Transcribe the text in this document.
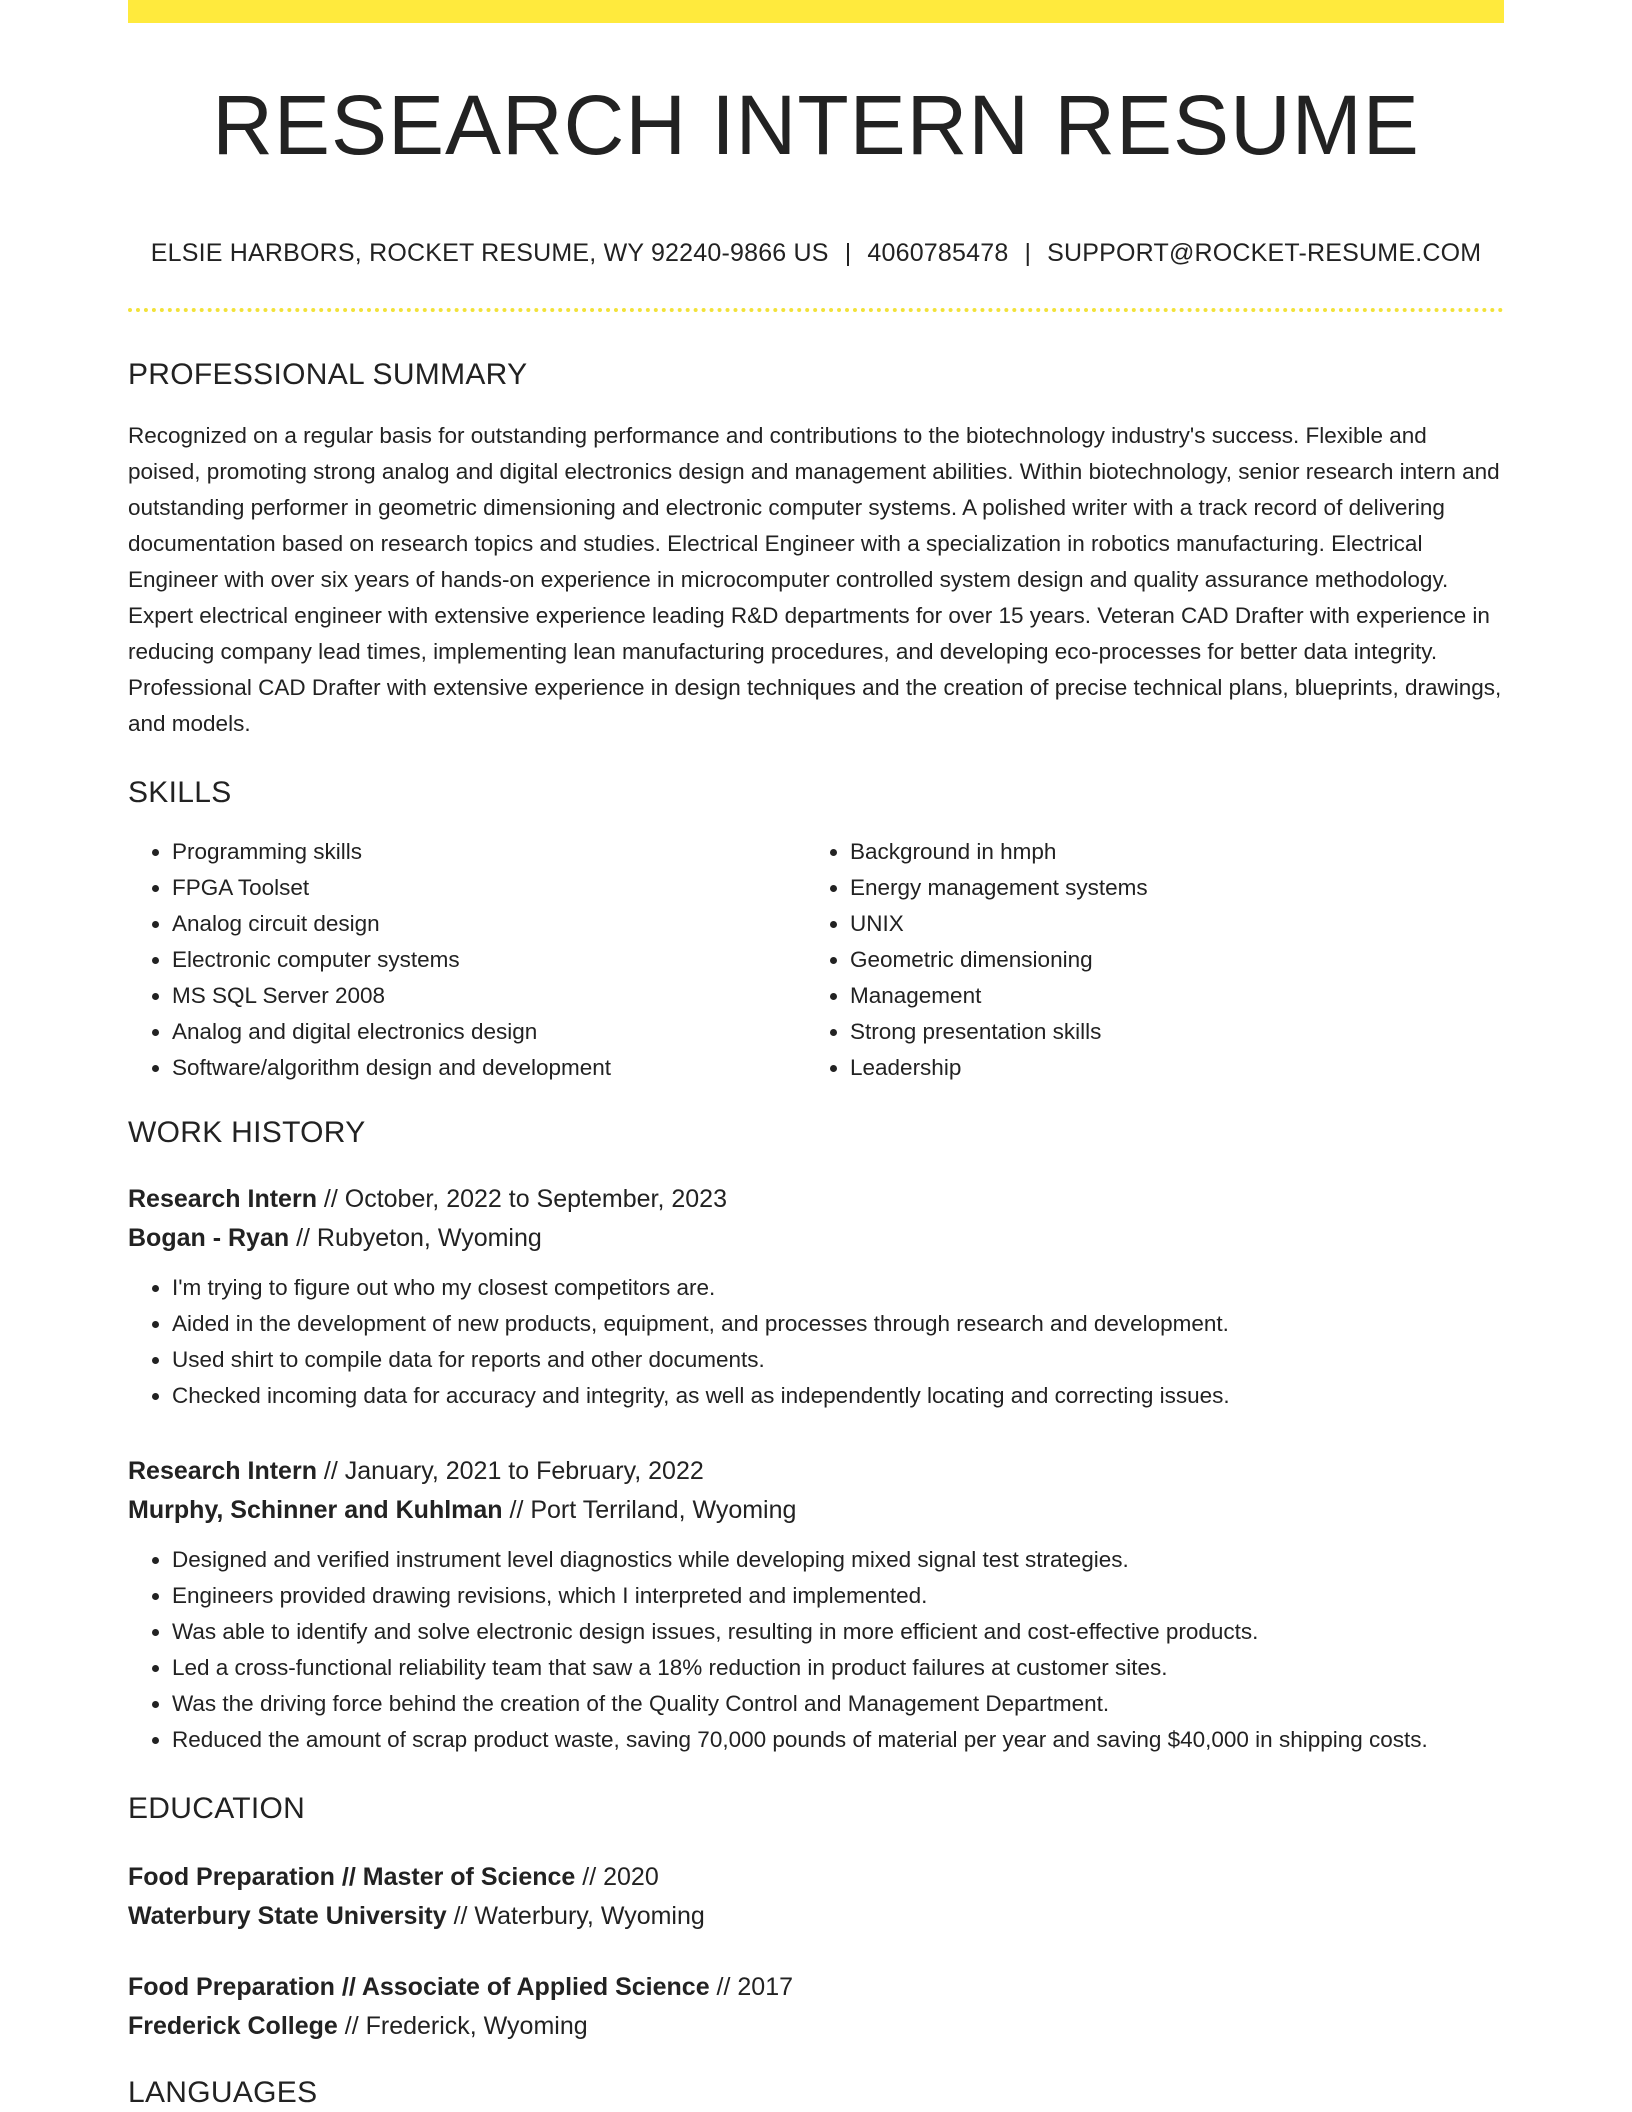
RESEARCH INTERN RESUME
ELSIE HARBORS, ROCKET RESUME, WY 92240-9866 US | 4060785478 | SUPPORT@ROCKET-RESUME.COM
PROFESSIONAL SUMMARY
Recognized on a regular basis for outstanding performance and contributions to the biotechnology industry's success. Flexible and poised, promoting strong analog and digital electronics design and management abilities. Within biotechnology, senior research intern and outstanding performer in geometric dimensioning and electronic computer systems. A polished writer with a track record of delivering documentation based on research topics and studies. Electrical Engineer with a specialization in robotics manufacturing. Electrical Engineer with over six years of hands-on experience in microcomputer controlled system design and quality assurance methodology. Expert electrical engineer with extensive experience leading R&D departments for over 15 years. Veteran CAD Drafter with experience in reducing company lead times, implementing lean manufacturing procedures, and developing eco-processes for better data integrity. Professional CAD Drafter with extensive experience in design techniques and the creation of precise technical plans, blueprints, drawings, and models.
SKILLS
• Programming skills
• FPGA Toolset
• Analog circuit design
• Electronic computer systems
• MS SQL Server 2008
• Analog and digital electronics design
• Software/algorithm design and development
• Background in hmph
• Energy management systems
• UNIX
• Geometric dimensioning
• Management
• Strong presentation skills
• Leadership
WORK HISTORY
Research Intern // October, 2022 to September, 2023
Bogan - Ryan // Rubyeton, Wyoming
• I'm trying to figure out who my closest competitors are.
• Aided in the development of new products, equipment, and processes through research and development.
• Used shirt to compile data for reports and other documents.
• Checked incoming data for accuracy and integrity, as well as independently locating and correcting issues.
Research Intern // January, 2021 to February, 2022
Murphy, Schinner and Kuhlman // Port Terriland, Wyoming
• Designed and verified instrument level diagnostics while developing mixed signal test strategies.
• Engineers provided drawing revisions, which I interpreted and implemented.
• Was able to identify and solve electronic design issues, resulting in more efficient and cost-effective products.
• Led a cross-functional reliability team that saw a 18% reduction in product failures at customer sites.
• Was the driving force behind the creation of the Quality Control and Management Department.
• Reduced the amount of scrap product waste, saving 70,000 pounds of material per year and saving $40,000 in shipping costs.
EDUCATION
Food Preparation // Master of Science // 2020
Waterbury State University // Waterbury, Wyoming
Food Preparation // Associate of Applied Science // 2017
Frederick College // Frederick, Wyoming
LANGUAGES
